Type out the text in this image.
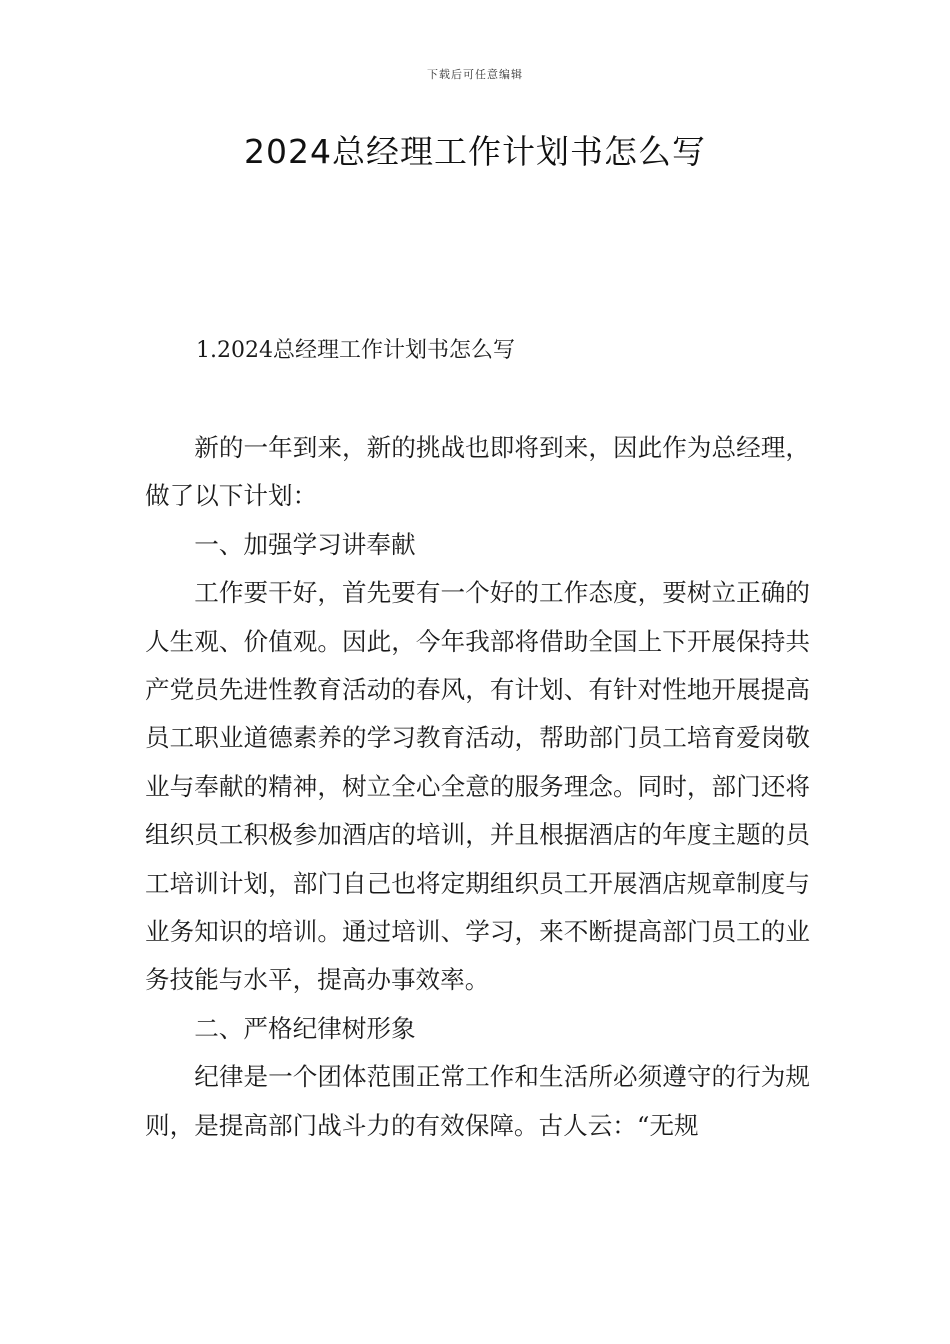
下载后可任意编辑
2024总经理工作计划书怎么写
1.2024总经理工作计划书怎么写

新的一年到来，新的挑战也即将到来，因此作为总经理，做了以下计划：

一、加强学习讲奉献

工作要干好，首先要有一个好的工作态度，要树立正确的人生观、价值观。因此，今年我部将借助全国上下开展保持共产党员先进性教育活动的春风，有计划、有针对性地开展提高员工职业道德素养的学习教育活动，帮助部门员工培育爱岗敬业与奉献的精神，树立全心全意的服务理念。同时，部门还将组织员工积极参加酒店的培训，并且根据酒店的年度主题的员工培训计划，部门自己也将定期组织员工开展酒店规章制度与业务知识的培训。通过培训、学习，来不断提高部门员工的业务技能与水平，提高办事效率。

二、严格纪律树形象

纪律是一个团体范围正常工作和生活所必须遵守的行为规则，是提高部门战斗力的有效保障。古人云：“无规
